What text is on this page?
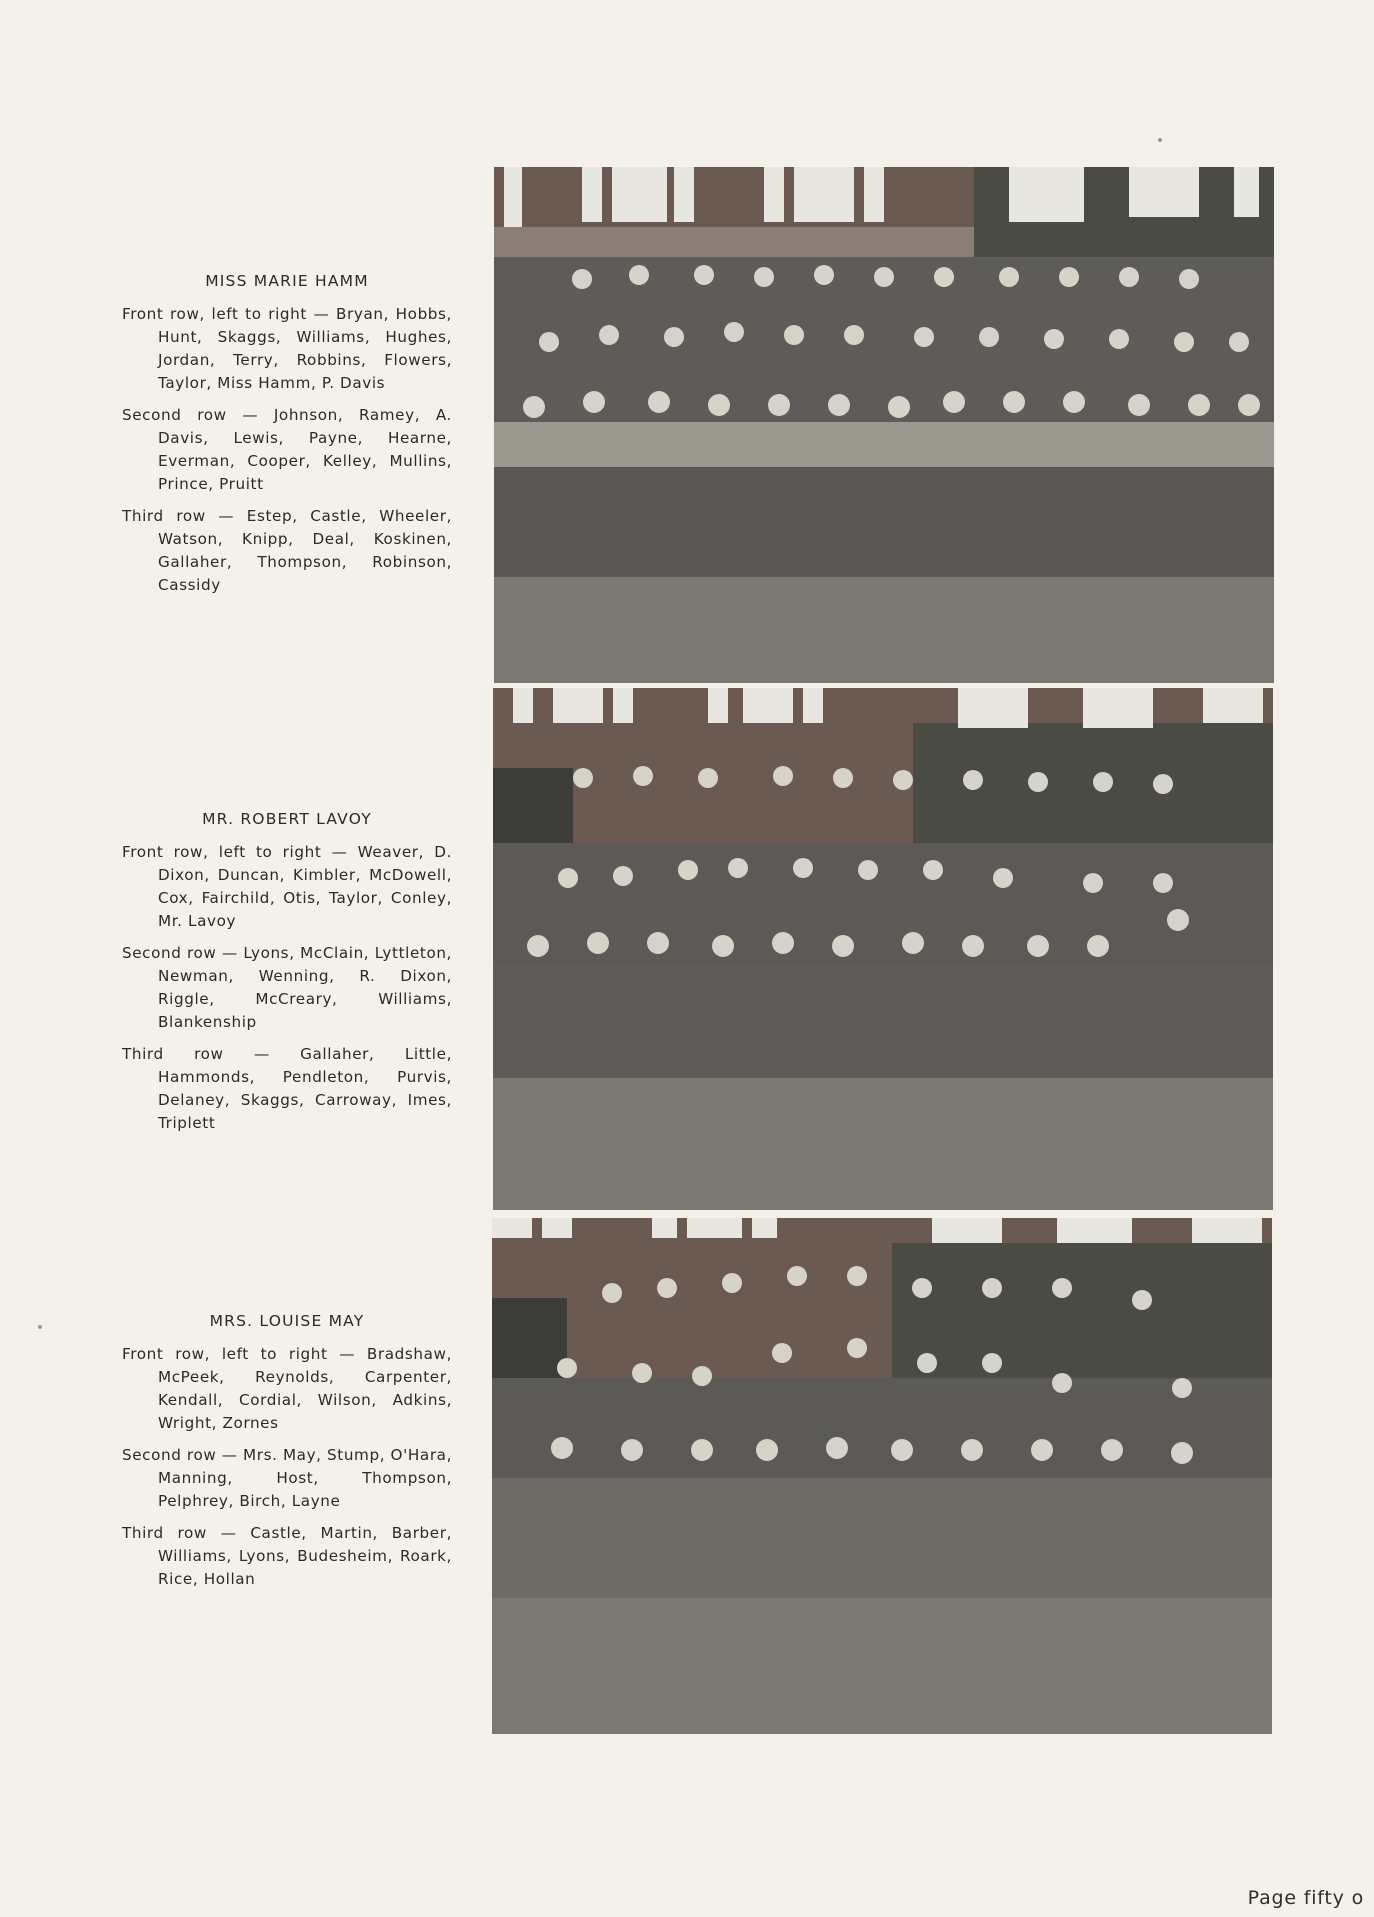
MISS MARIE HAMM
Front row, left to right — Bryan, Hobbs, Hunt, Skaggs, Williams, Hughes, Jordan, Terry, Robbins, Flowers, Taylor, Miss Hamm, P. Davis
Second row — Johnson, Ramey, A. Davis, Lewis, Payne, Hearne, Everman, Cooper, Kelley, Mullins, Prince, Pruitt
Third row — Estep, Castle, Wheeler, Watson, Knipp, Deal, Koskinen, Gallaher, Thompson, Robinson, Cassidy
MR. ROBERT LAVOY
Front row, left to right — Weaver, D. Dixon, Duncan, Kimbler, McDowell, Cox, Fairchild, Otis, Taylor, Conley, Mr. Lavoy
Second row — Lyons, McClain, Lyttleton, Newman, Wenning, R. Dixon, Riggle, McCreary, Williams, Blankenship
Third row — Gallaher, Little, Hammonds, Pendleton, Purvis, Delaney, Skaggs, Carroway, Imes, Triplett
MRS. LOUISE MAY
Front row, left to right — Bradshaw, McPeek, Reynolds, Carpenter, Kendall, Cordial, Wilson, Adkins, Wright, Zornes
Second row — Mrs. May, Stump, O'Hara, Manning, Host, Thompson, Pelphrey, Birch, Layne
Third row — Castle, Martin, Barber, Williams, Lyons, Budesheim, Roark, Rice, Hollan
Page fifty o
